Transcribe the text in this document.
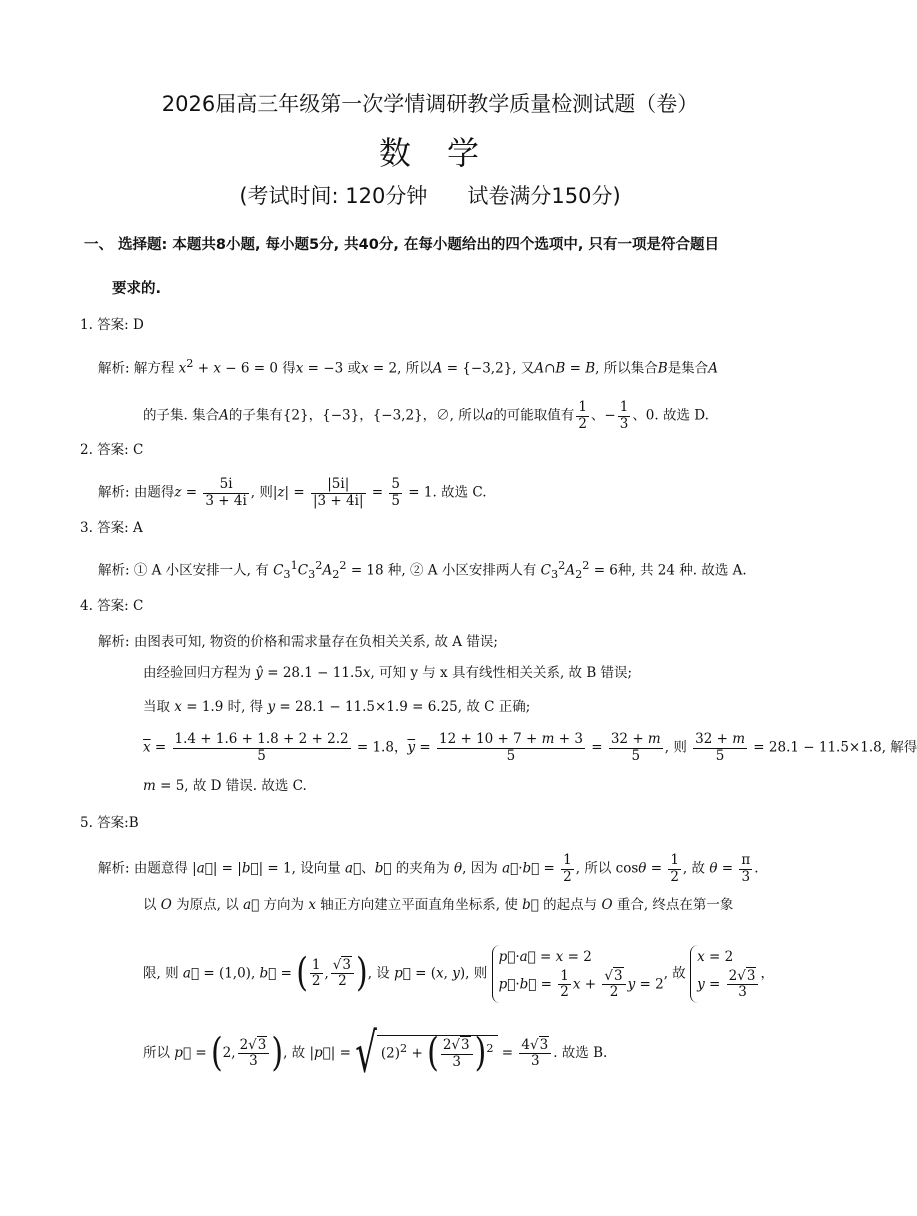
2026届高三年级第一次学情调研教学质量检测试题（卷）
数　学
(考试时间: 120分钟      试卷满分150分)
一、 选择题: 本题共8小题, 每小题5分, 共40分, 在每小题给出的四个选项中, 只有一项是符合题目
要求的.
1. 答案: D
解析: 解方程 $x^2 + x - 6 = 0$ 得x = −3 或x = 2, 所以A = {−3,2}, 又A∩B = B, 所以集合B是集合A
的子集. 集合A的子集有{2}，{−3}，{−3,2}，∅, 所以a的可能取值有 $\frac{1}{2}$ 、− $\frac{1}{3}$ 、0. 故选 D.
2. 答案: C
解析: 由题得$z = \frac{5i}{3 + 4i}$ , 则$|z| = \frac{|5i|}{|3 + 4i|} = \frac{5}{5} = 1$. 故选 C.
3. 答案: A
解析: ① A 小区安排一人, 有 $C_3^1C_3^2A_2^2 = 18$ 种, ② A 小区安排两人有 $C_3^2A_2^2 = 6$种, 共 24 种. 故选 A.
4. 答案: C
解析: 由图表可知, 物资的价格和需求量存在负相关关系, 故 A 错误;
由经验回归方程为 ŷ = 28.1 − 11.5x, 可知 y 与 x 具有线性相关关系, 故 B 错误;
当取 x = 1.9 时, 得 y = 28.1 − 11.5×1.9 = 6.25, 故 C 正确;
$\overline{x} = \frac{1.4 + 1.6 + 1.8 + 2 + 2.2}{5} = 1.8$，$\overline{y} = \frac{12 + 10 + 7 + m + 3}{5} = \frac{32 + m}{5}$ , 则 $\frac{32 + m}{5} = 28.1 - 11.5\times 1.8$, 解得
m = 5, 故 D 错误. 故选 C.
5. 答案:B
解析: 由题意得 |a⃗| = |b⃗| = 1, 设向量 a⃗、b⃗ 的夹角为 θ, 因为 a⃗·b⃗ = $\frac{1}{2}$ , 所以 $\cos\theta = \frac{1}{2}$ , 故 $\theta = \frac{\pi}{3}$ .
以 O 为原点, 以 a⃗ 方向为 x 轴正方向建立平面直角坐标系, 使 b⃗ 的起点与 O 重合, 终点在第一象
限, 则 a⃗ = (1,0), b⃗ = ( $\frac{1}{2}$ , $\frac{√3}{2}$ ), 设 p⃗ = (x, y), 则
p⃗·a⃗ = x = 2
p⃗·b⃗ = $\frac{1}{2}$ $x + \frac{√3}{2}$ y = 2
, 故
x = 2
$y = \frac{2√3}{3}$ ，
所以 p⃗ = (2, $\frac{2√3}{3}$ ), 故 |p⃗| = √ $(2)^2$ + ( $\frac{2√3}{3} )^2 = \frac{4√3}{3}$ . 故选 B.
